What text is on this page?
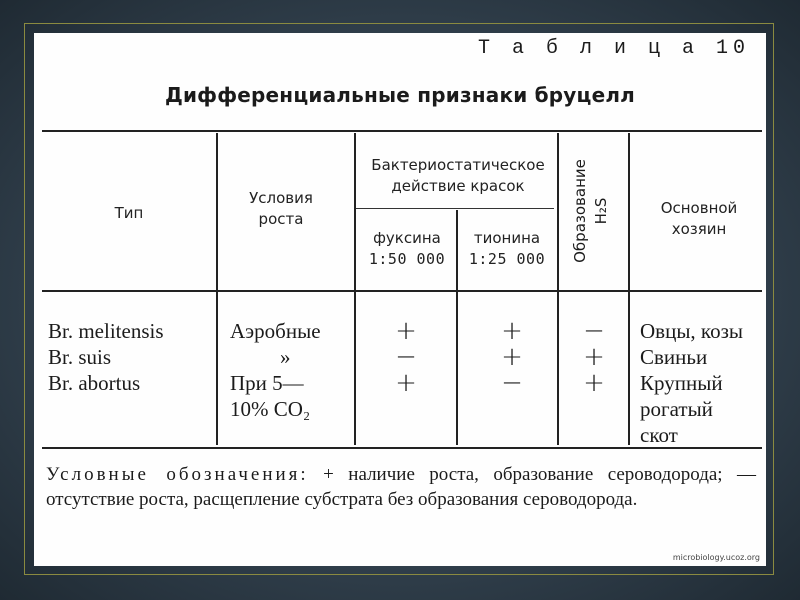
Т а б л и ц а 10
Дифференциальные признаки бруцелл
Тип
Условия роста
Бактериостатическое действие красок
фуксина
1:50 000
тионина
1:25 000	Образование H₂S	Основной хозяин
Br. melitensis
Br. suis
Br. abortus
Аэробные
»
При 5—
10% CO₂
+
−
+
+
+
−
−
+
+
Овцы, козы
Свиньи
Крупный
рогатый
скот
Условные обозначения: + наличие роста, образование сероводорода; — отсутствие роста, расщепление субстрата без образования сероводорода.
microbiology.ucoz.org
